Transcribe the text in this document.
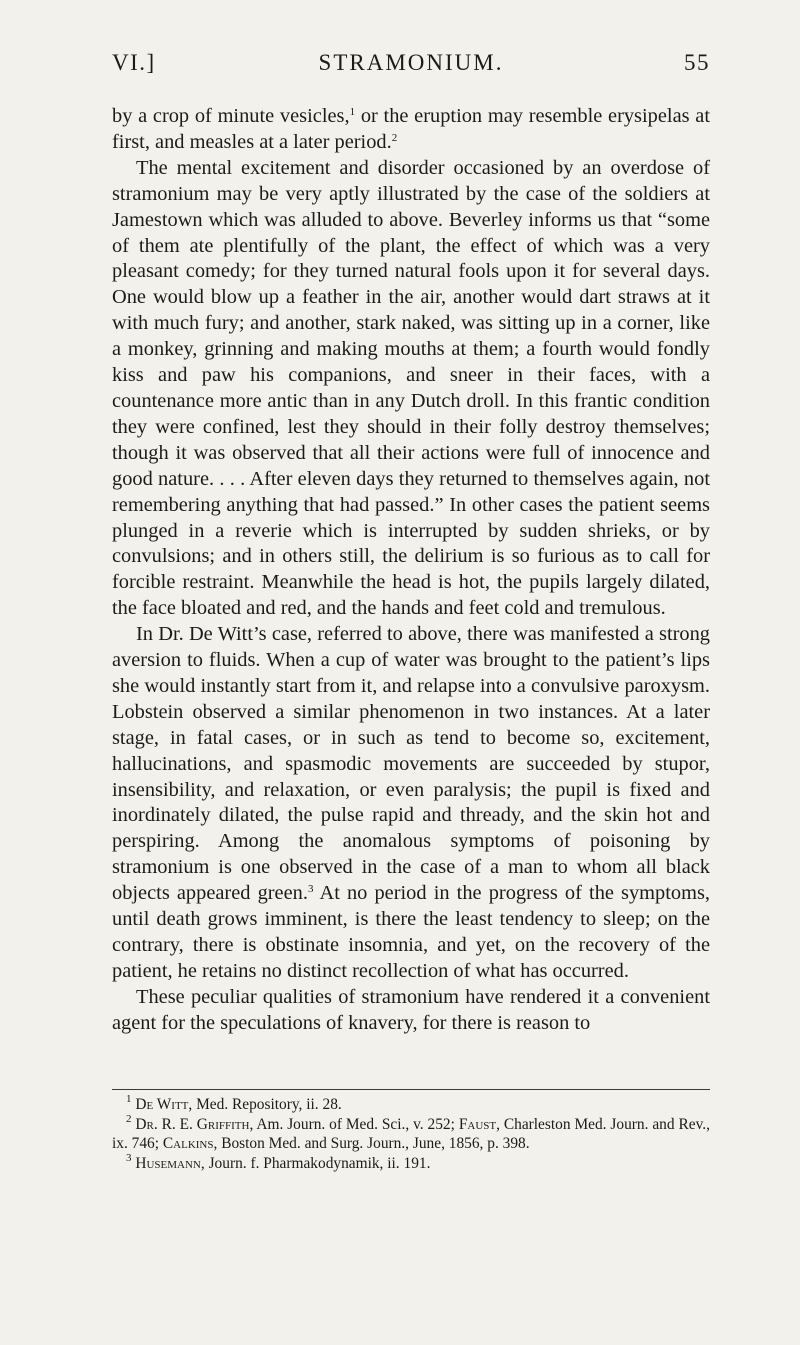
VI.]	STRAMONIUM.	55

by a crop of minute vesicles,$^1$ or the eruption may resemble erysipelas at first, and measles at a later period.$^2$

The mental excitement and disorder occasioned by an overdose of stramonium may be very aptly illustrated by the case of the soldiers at Jamestown which was alluded to above. Beverley informs us that “some of them ate plentifully of the plant, the effect of which was a very pleasant comedy; for they turned natural fools upon it for several days. One would blow up a feather in the air, another would dart straws at it with much fury; and another, stark naked, was sitting up in a corner, like a monkey, grinning and making mouths at them; a fourth would fondly kiss and paw his companions, and sneer in their faces, with a countenance more antic than in any Dutch droll. In this frantic condition they were confined, lest they should in their folly destroy themselves; though it was observed that all their actions were full of innocence and good nature. . . . After eleven days they returned to themselves again, not remembering anything that had passed.” In other cases the patient seems plunged in a reverie which is interrupted by sudden shrieks, or by convulsions; and in others still, the delirium is so furious as to call for forcible restraint. Meanwhile the head is hot, the pupils largely dilated, the face bloated and red, and the hands and feet cold and tremulous.

In Dr. De Witt’s case, referred to above, there was manifested a strong aversion to fluids. When a cup of water was brought to the patient’s lips she would instantly start from it, and relapse into a convulsive paroxysm. Lobstein observed a similar phenomenon in two instances. At a later stage, in fatal cases, or in such as tend to become so, excitement, hallucinations, and spasmodic movements are succeeded by stupor, insensibility, and relaxation, or even paralysis; the pupil is fixed and inordinately dilated, the pulse rapid and thready, and the skin hot and perspiring. Among the anomalous symptoms of poisoning by stramonium is one observed in the case of a man to whom all black objects appeared green.$^3$ At no period in the progress of the symptoms, until death grows imminent, is there the least tendency to sleep; on the contrary, there is obstinate insomnia, and yet, on the recovery of the patient, he retains no distinct recollection of what has occurred.

These peculiar qualities of stramonium have rendered it a convenient agent for the speculations of knavery, for there is reason to

$^1$ De Witt, Med. Repository, ii. 28.

$^2$ Dr. R. E. Griffith, Am. Journ. of Med. Sci., v. 252; Faust, Charleston Med. Journ. and Rev., ix. 746; Calkins, Boston Med. and Surg. Journ., June, 1856, p. 398.

$^3$ Husemann, Journ. f. Pharmakodynamik, ii. 191.
